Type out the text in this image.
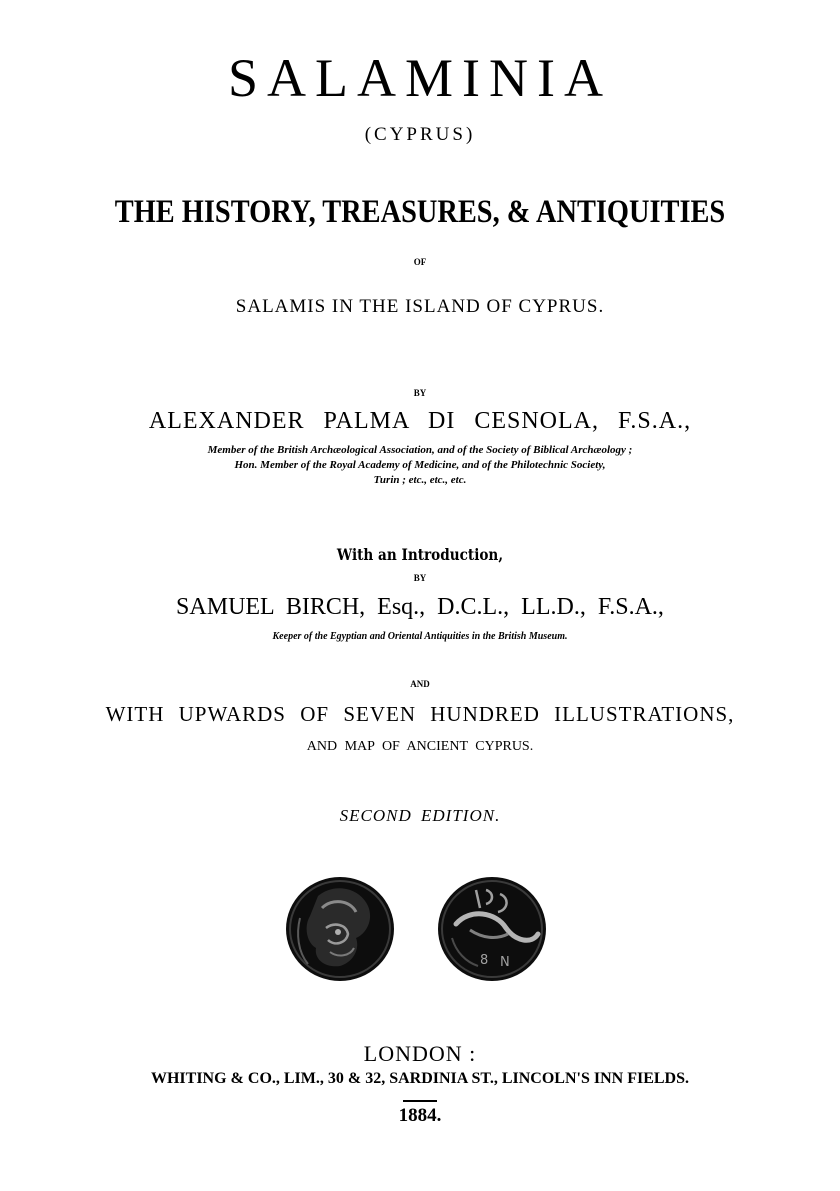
SALAMINIA
(CYPRUS)
THE HISTORY, TREASURES, & ANTIQUITIES
OF
SALAMIS IN THE ISLAND OF CYPRUS.
BY
ALEXANDER PALMA DI CESNOLA, F.S.A.,
Member of the British Archæological Association, and of the Society of Biblical Archæology ;
Hon. Member of the Royal Academy of Medicine, and of the Philotechnic Society,
Turin ; etc., etc., etc.
With an Introduction,
BY
SAMUEL BIRCH, Esq., D.C.L., LL.D., F.S.A.,
Keeper of the Egyptian and Oriental Antiquities in the British Museum.
AND
WITH UPWARDS OF SEVEN HUNDRED ILLUSTRATIONS,
AND MAP OF ANCIENT CYPRUS.
SECOND EDITION.
8 N
LONDON :
WHITING & CO., LIM., 30 & 32, SARDINIA ST., LINCOLN'S INN FIELDS.
1884.
